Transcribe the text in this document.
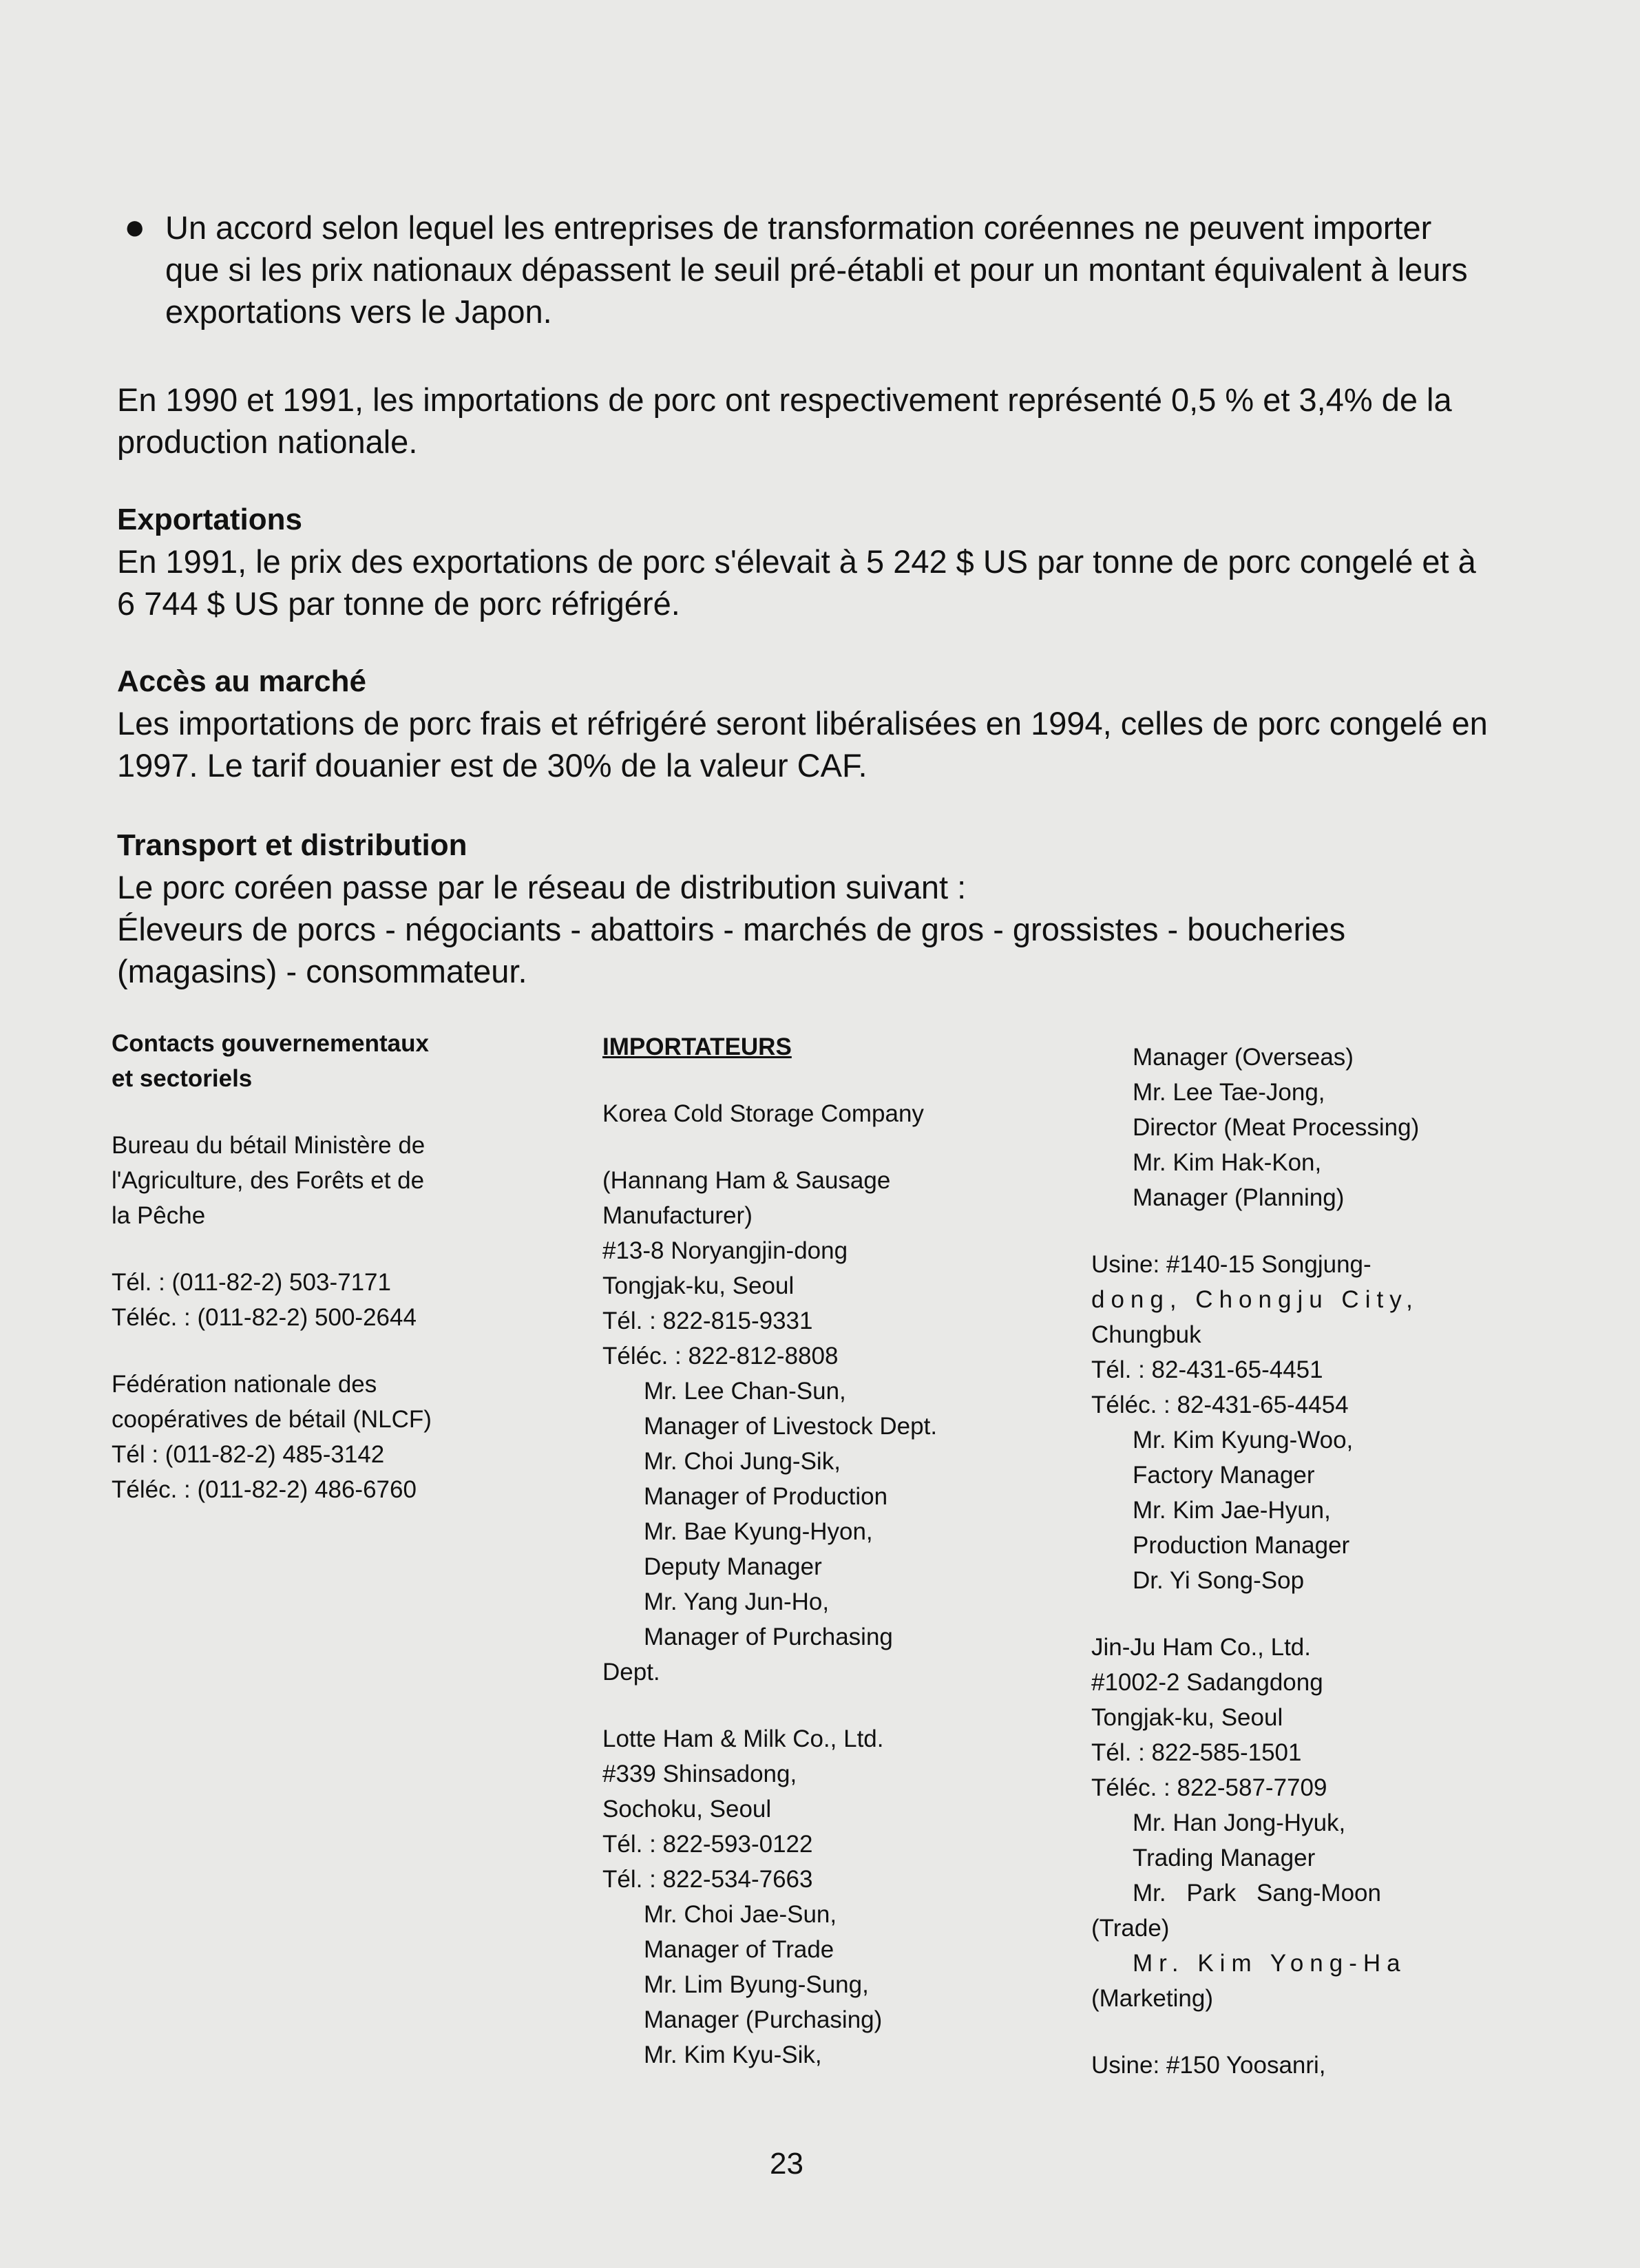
● Un accord selon lequel les entreprises de transformation coréennes ne peuvent importer que si les prix nationaux dépassent le seuil pré-établi et pour un montant équivalent à leurs exportations vers le Japon.

En 1990 et 1991, les importations de porc ont respectivement représenté 0,5 % et 3,4% de la production nationale.

Exportations

En 1991, le prix des exportations de porc s'élevait à 5 242 $ US par tonne de porc congelé et à 6 744 $ US par tonne de porc réfrigéré.

Accès au marché

Les importations de porc frais et réfrigéré seront libéralisées en 1994, celles de porc congelé en 1997. Le tarif douanier est de 30% de la valeur CAF.

Transport et distribution

Le porc coréen passe par le réseau de distribution suivant :

Éleveurs de porcs - négociants - abattoirs - marchés de gros - grossistes - boucheries (magasins) - consommateur.

Contacts gouvernementaux
et sectoriels
Bureau du bétail Ministère de
l'Agriculture, des Forêts et de
la Pêche
Tél. : (011-82-2) 503-7171
Téléc. : (011-82-2) 500-2644
Fédération nationale des
coopératives de bétail (NLCF)
Tél : (011-82-2) 485-3142
Téléc. : (011-82-2) 486-6760
IMPORTATEURS
Korea Cold Storage Company
(Hannang Ham & Sausage
Manufacturer)
#13-8 Noryangjin-dong
Tongjak-ku, Seoul
Tél. : 822-815-9331
Téléc. : 822-812-8808
Mr. Lee Chan-Sun,
Manager of Livestock Dept.
Mr. Choi Jung-Sik,
Manager of Production
Mr. Bae Kyung-Hyon,
Deputy Manager
Mr. Yang Jun-Ho,
Manager of Purchasing
Dept.
Lotte Ham & Milk Co., Ltd.
#339 Shinsadong,
Sochoku, Seoul
Tél. : 822-593-0122
Tél. : 822-534-7663
Mr. Choi Jae-Sun,
Manager of Trade
Mr. Lim Byung-Sung,
Manager (Purchasing)
Mr. Kim Kyu-Sik,
Manager (Overseas)
Mr. Lee Tae-Jong,
Director (Meat Processing)
Mr. Kim Hak-Kon,
Manager (Planning)
Usine: #140-15 Songjung-
dong, Chongju City,
Chungbuk
Tél. : 82-431-65-4451
Téléc. : 82-431-65-4454
Mr. Kim Kyung-Woo,
Factory Manager
Mr. Kim Jae-Hyun,
Production Manager
Dr. Yi Song-Sop
Jin-Ju Ham Co., Ltd.
#1002-2 Sadangdong
Tongjak-ku, Seoul
Tél. : 822-585-1501
Téléc. : 822-587-7709
Mr. Han Jong-Hyuk,
Trading Manager
Mr. Park Sang-Moon
(Trade)
Mr. Kim Yong-Ha
(Marketing)
Usine: #150 Yoosanri,
23
